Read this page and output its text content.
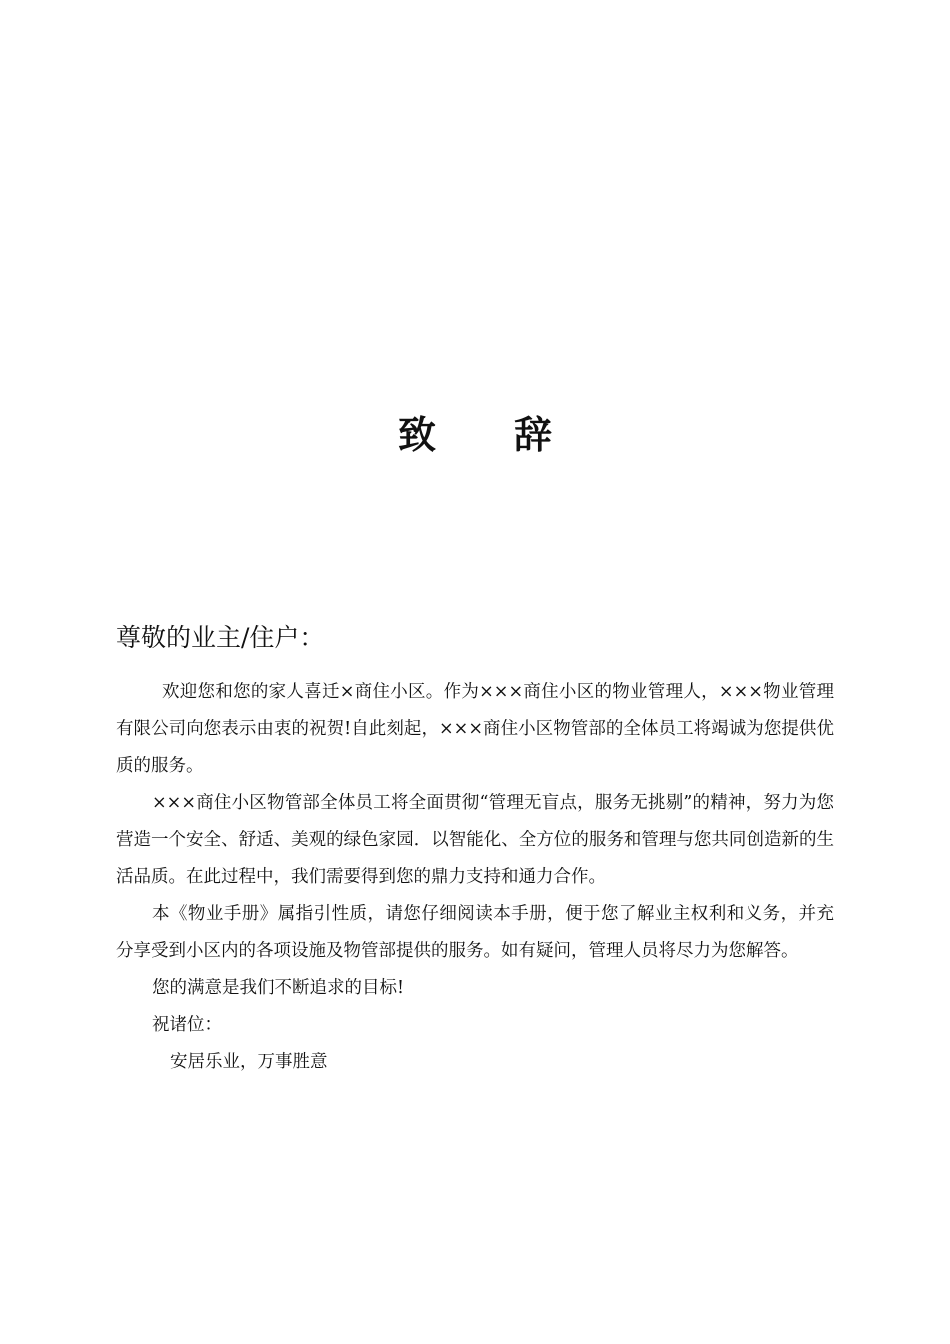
致辞
尊敬的业主/住户：

欢迎您和您的家人喜迁×商住小区。作为×××商住小区的物业管理人，×××物业管理有限公司向您表示由衷的祝贺!自此刻起，×××商住小区物管部的全体员工将竭诚为您提供优质的服务。

×××商住小区物管部全体员工将全面贯彻“管理无盲点，服务无挑剔”的精神，努力为您营造一个安全、舒适、美观的绿色家园．以智能化、全方位的服务和管理与您共同创造新的生活品质。在此过程中，我们需要得到您的鼎力支持和通力合作。

本《物业手册》属指引性质，请您仔细阅读本手册，便于您了解业主权利和义务，并充分享受到小区内的各项设施及物管部提供的服务。如有疑问，管理人员将尽力为您解答。

您的满意是我们不断追求的目标!

祝诸位：

安居乐业，万事胜意
